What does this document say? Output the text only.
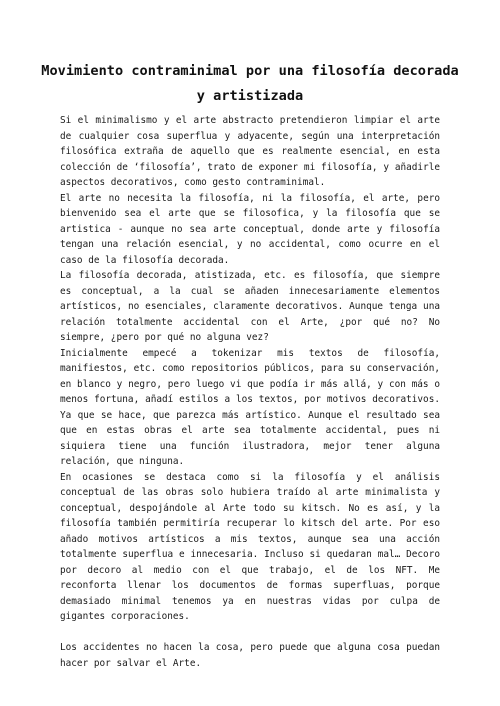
Movimiento contraminimal por una filosofía decorada y artistizada

Si el minimalismo y el arte abstracto pretendieron limpiar el arte de cualquier cosa superflua y adyacente, según una interpretación filosófica extraña de aquello que es realmente esencial, en esta colección de ‘filosofía’, trato de exponer mi filosofía, y añadirle aspectos decorativos, como gesto contraminimal.

El arte no necesita la filosofía, ni la filosofía, el arte, pero bienvenido sea el arte que se filosofica, y la filosofía que se artistica - aunque no sea arte conceptual, donde arte y filosofía tengan una relación esencial, y no accidental, como ocurre en el caso de la filosofía decorada.

La filosofía decorada, atistizada, etc. es filosofía, que siempre es conceptual, a la cual se añaden innecesariamente elementos artísticos, no esenciales, claramente decorativos. Aunque tenga una relación totalmente accidental con el Arte, ¿por qué no? No siempre, ¿pero por qué no alguna vez?

Inicialmente empecé a tokenizar mis textos de filosofía, manifiestos, etc. como repositorios públicos, para su conservación, en blanco y negro, pero luego vi que podía ir más allá, y con más o menos fortuna, añadí estilos a los textos, por motivos decorativos. Ya que se hace, que parezca más artístico. Aunque el resultado sea que en estas obras el arte sea totalmente accidental, pues ni siquiera tiene una función ilustradora, mejor tener alguna relación, que ninguna.

En ocasiones se destaca como si la filosofía y el análisis conceptual de las obras solo hubiera traído al arte minimalista y conceptual, despojándole al Arte todo su kitsch. No es así, y la filosofía también permitiría recuperar lo kitsch del arte. Por eso añado motivos artísticos a mis textos, aunque sea una acción totalmente superflua e innecesaria. Incluso si quedaran mal… Decoro por decoro al medio con el que trabajo, el de los NFT. Me reconforta llenar los documentos de formas superfluas, porque demasiado minimal tenemos ya en nuestras vidas por culpa de gigantes corporaciones.

Los accidentes no hacen la cosa, pero puede que alguna cosa puedan hacer por salvar el Arte.
